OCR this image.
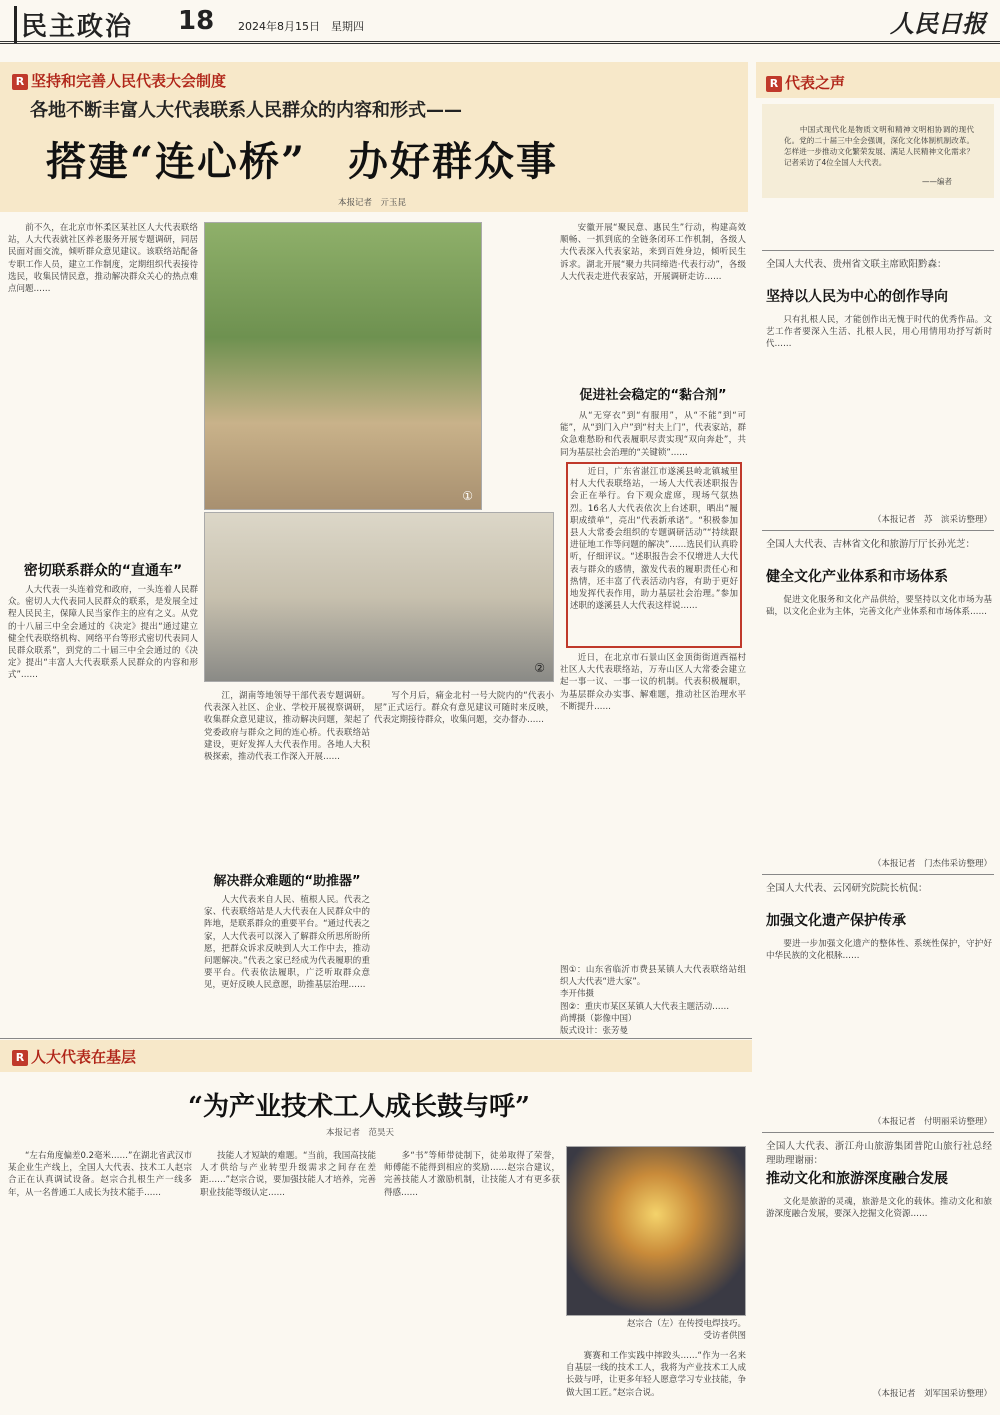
民主政治 18 2024年8月15日　星期四	人民日报
R 坚持和完善人民代表大会制度
各地不断丰富人大代表联系人民群众的内容和形式——
搭建“连心桥”　办好群众事
本报记者　亓玉昆
　　前不久，在北京市怀柔区某社区人大代表联络站，人大代表就社区养老服务开展专题调研，同居民面对面交流，倾听群众意见建议。该联络站配备专职工作人员，建立工作制度，定期组织代表接待选民，收集民情民意，推动解决群众关心的热点难点问题……
密切联系群众的“直通车”
　　人大代表一头连着党和政府，一头连着人民群众。密切人大代表同人民群众的联系，是发展全过程人民民主，保障人民当家作主的应有之义。从党的十八届三中全会通过的《决定》提出“通过建立健全代表联络机构、网络平台等形式密切代表同人民群众联系”，到党的二十届三中全会通过的《决定》提出“丰富人大代表联系人民群众的内容和形式”……
①
②
　　江，湖南等地领导干部代表专题调研。代表深入社区、企业、学校开展视察调研，收集群众意见建议，推动解决问题，架起了党委政府与群众之间的连心桥。代表联络站建设，更好发挥人大代表作用。各地人大积极探索，推动代表工作深入开展……
解决群众难题的“助推器”
　　人大代表来自人民、植根人民。代表之家、代表联络站是人大代表在人民群众中的阵地，是联系群众的重要平台。“通过代表之家，人大代表可以深入了解群众所思所盼所愿，把群众诉求反映到人大工作中去，推动问题解决。”代表之家已经成为代表履职的重要平台。代表依法履职，广泛听取群众意见，更好反映人民意愿，助推基层治理……
　　写个月后，痛金北村一号大院内的“代表小屋”正式运行。群众有意见建议可随时来反映，代表定期接待群众，收集问题，交办督办……
　　安徽开展“聚民意、惠民生”行动，构建高效顺畅、一抓到底的全链条闭环工作机制，各级人大代表深入代表家站，来到百姓身边，倾听民生诉求。湖北开展“聚力共同缔造·代表行动”，各级人大代表走进代表家站，开展调研走访……
促进社会稳定的“黏合剂”
　　从“无穿衣”到“有服用”，从“不能”到“可能”，从“到门入户”到“村夫上门”，代表家站，群众急难愁盼和代表履职尽责实现“双向奔赴”，共同为基层社会治理的“关键锁”……
　　近日，广东省湛江市遂溪县岭北镇城里村人大代表联络站，一场人大代表述职报告会正在举行。台下观众虚席，现场气氛热烈。16名人大代表依次上台述职，晒出“履职成绩单”，亮出“代表新承诺”。“积极参加县人大常委会组织的专题调研活动”“持续跟进征地工作等问题的解决”……选民们认真聆听，仔细评议。“述职报告会不仅增进人大代表与群众的感情，激发代表的履职责任心和热情，还丰富了代表活动内容，有助于更好地发挥代表作用，助力基层社会治理。”参加述职的遂溪县人大代表这样说……
　　近日，在北京市石景山区金顶街街道西福村社区人大代表联络站，万寿山区人大常委会建立起一事一议、一事一议的机制。代表积极履职，为基层群众办实事、解难题，推动社区治理水平不断提升……
图①：山东省临沂市费县某镇人大代表联络站组织人大代表“进大家”。
李开伟摄
图②：重庆市某区某镇人大代表主题活动……
尚博摄（影像中国）
版式设计：张芳曼
R 代表之声
　　中国式现代化是物质文明和精神文明相协调的现代化。党的二十届三中全会强调，深化文化体制机制改革。怎样进一步推动文化繁荣发展、满足人民精神文化需求？记者采访了4位全国人大代表。
——编者
全国人大代表、贵州省文联主席欧阳黔森：
坚持以人民为中心的创作导向
　　只有扎根人民，才能创作出无愧于时代的优秀作品。文艺工作者要深入生活、扎根人民，用心用情用功抒写新时代……
（本报记者　苏　滨采访整理）
全国人大代表、吉林省文化和旅游厅厅长孙光芝：
健全文化产业体系和市场体系
　　促进文化服务和文化产品供给，要坚持以文化市场为基础，以文化企业为主体，完善文化产业体系和市场体系……
（本报记者　门杰伟采访整理）
全国人大代表、云冈研究院院长杭侃：
加强文化遗产保护传承
　　要进一步加强文化遗产的整体性、系统性保护，守护好中华民族的文化根脉……
（本报记者　付明丽采访整理）
全国人大代表、浙江舟山旅游集团普陀山旅行社总经理助理谢丽：
推动文化和旅游深度融合发展
　　文化是旅游的灵魂，旅游是文化的载体。推动文化和旅游深度融合发展，要深入挖掘文化资源……
（本报记者　刘军国采访整理）
R 人大代表在基层
“为产业技术工人成长鼓与呼”
本报记者　范昊天
　　“左右角度偏差0.2毫米……”在湖北省武汉市某企业生产线上，全国人大代表、技术工人赵宗合正在认真调试设备。赵宗合扎根生产一线多年，从一名普通工人成长为技术能手……
　　技能人才短缺的难题。“当前，我国高技能人才供给与产业转型升级需求之间存在差距……”赵宗合说，要加强技能人才培养，完善职业技能等级认定……
　　多“书”等师带徒制下，徒弟取得了荣誉，师傅能不能得到相应的奖励……赵宗合建议，完善技能人才激励机制，让技能人才有更多获得感……
赵宗合（左）在传授电焊技巧。
受访者供图
　　赛赛和工作实践中摔跤头……“作为一名来自基层一线的技术工人，我将为产业技术工人成长鼓与呼，让更多年轻人愿意学习专业技能，争做大国工匠。”赵宗合说。
